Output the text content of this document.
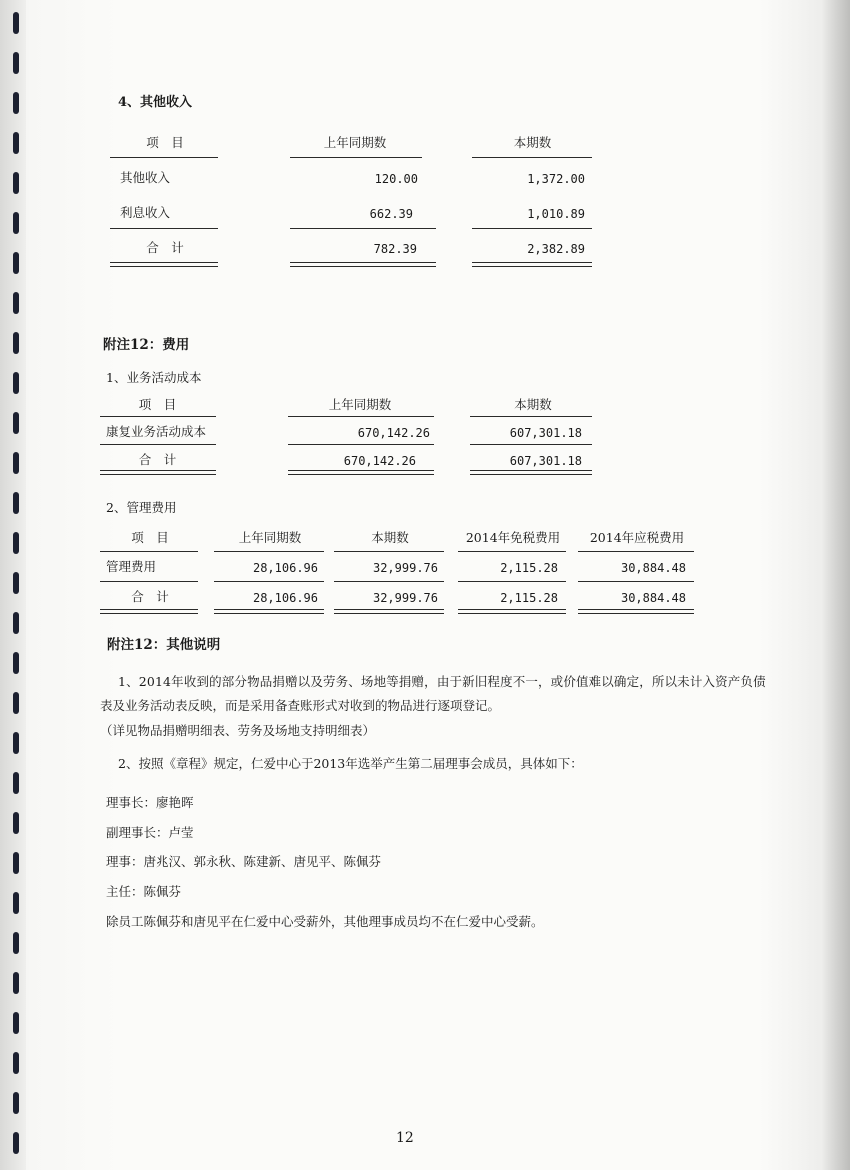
4、其他收入
项　目	上年同期数	本期数
其他收入	120.00	1,372.00
利息收入	662.39	1,010.89
合　计	782.39	2,382.89
附注12：费用
1、业务活动成本
项　目	上年同期数	本期数
康复业务活动成本	670,142.26	607,301.18
合　计	670,142.26	607,301.18
2、管理费用
项　目	上年同期数	本期数	2014年免税费用	2014年应税费用
管理费用	28,106.96	32,999.76	2,115.28	30,884.48
合　计	28,106.96	32,999.76	2,115.28	30,884.48
附注12：其他说明
1、2014年收到的部分物品捐赠以及劳务、场地等捐赠，由于新旧程度不一，或价值难以确定，所以未计入资产负债
表及业务活动表反映，而是采用备查账形式对收到的物品进行逐项登记。
（详见物品捐赠明细表、劳务及场地支持明细表）
2、按照《章程》规定，仁爱中心于2013年选举产生第二届理事会成员，具体如下：
理事长：廖艳晖
副理事长：卢莹
理事：唐兆汉、郭永秋、陈建新、唐见平、陈佩芬
主任：陈佩芬
除员工陈佩芬和唐见平在仁爱中心受薪外，其他理事成员均不在仁爱中心受薪。
12
